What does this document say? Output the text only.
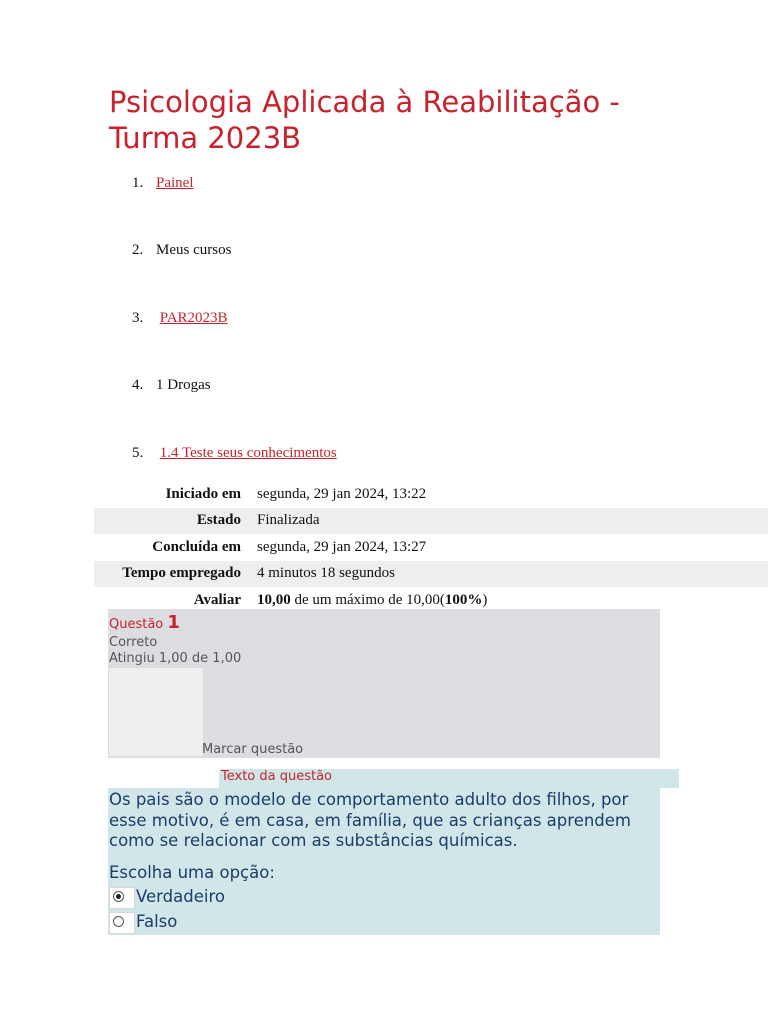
Psicologia Aplicada à Reabilitação - Turma 2023B
1. Painel
2. Meus cursos
3. PAR2023B
4. 1 Drogas
5. 1.4 Teste seus conhecimentos
Iniciado em segunda, 29 jan 2024, 13:22
Estado Finalizada
Concluída em segunda, 29 jan 2024, 13:27
Tempo empregado 4 minutos 18 segundos
Avaliar 10,00 de um máximo de 10,00(100%)
Questão 1
Correto
Atingiu 1,00 de 1,00
Marcar questão
Texto da questão
Os pais são o modelo de comportamento adulto dos filhos, por esse motivo, é em casa, em família, que as crianças aprendem como se relacionar com as substâncias químicas.
Escolha uma opção:
Verdadeiro
Falso
